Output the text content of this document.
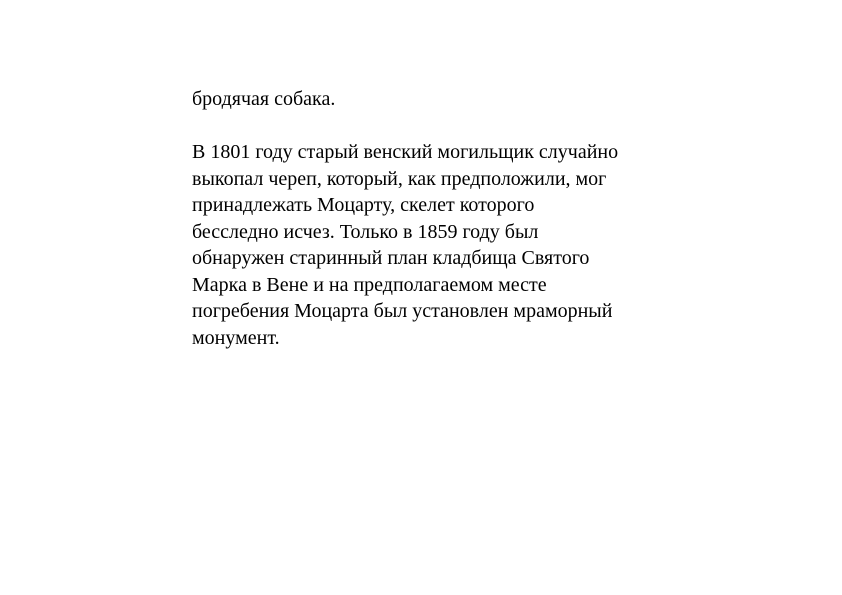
бродячая собака.
В 1801 году старый венский могильщик случайно
выкопал череп, который, как предположили, мог
принадлежать Моцарту, скелет которого
бесследно исчез. Только в 1859 году был
обнаружен старинный план кладбища Святого
Марка в Вене и на предполагаемом месте
погребения Моцарта был установлен мраморный
монумент.
